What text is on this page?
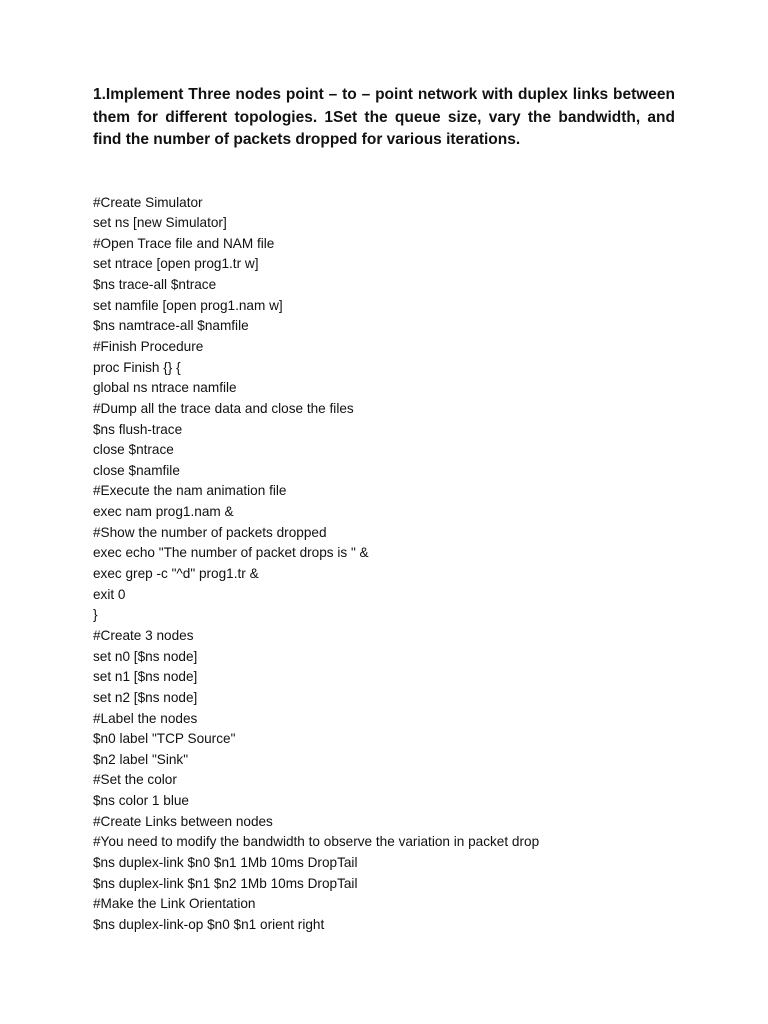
1.Implement Three nodes point – to – point network with duplex links between them for different topologies. 1Set the queue size, vary the bandwidth, and find the number of packets dropped for various iterations.

#Create Simulator
set ns [new Simulator]
#Open Trace file and NAM file
set ntrace [open prog1.tr w]
$ns trace-all $ntrace
set namfile [open prog1.nam w]
$ns namtrace-all $namfile
#Finish Procedure
proc Finish {} {
global ns ntrace namfile
#Dump all the trace data and close the files
$ns flush-trace
close $ntrace
close $namfile
#Execute the nam animation file
exec nam prog1.nam &
#Show the number of packets dropped
exec echo "The number of packet drops is " &
exec grep -c "^d" prog1.tr &
exit 0
}
#Create 3 nodes
set n0 [$ns node]
set n1 [$ns node]
set n2 [$ns node]
#Label the nodes
$n0 label "TCP Source"
$n2 label "Sink"
#Set the color
$ns color 1 blue
#Create Links between nodes
#You need to modify the bandwidth to observe the variation in packet drop
$ns duplex-link $n0 $n1 1Mb 10ms DropTail
$ns duplex-link $n1 $n2 1Mb 10ms DropTail
#Make the Link Orientation
$ns duplex-link-op $n0 $n1 orient right
